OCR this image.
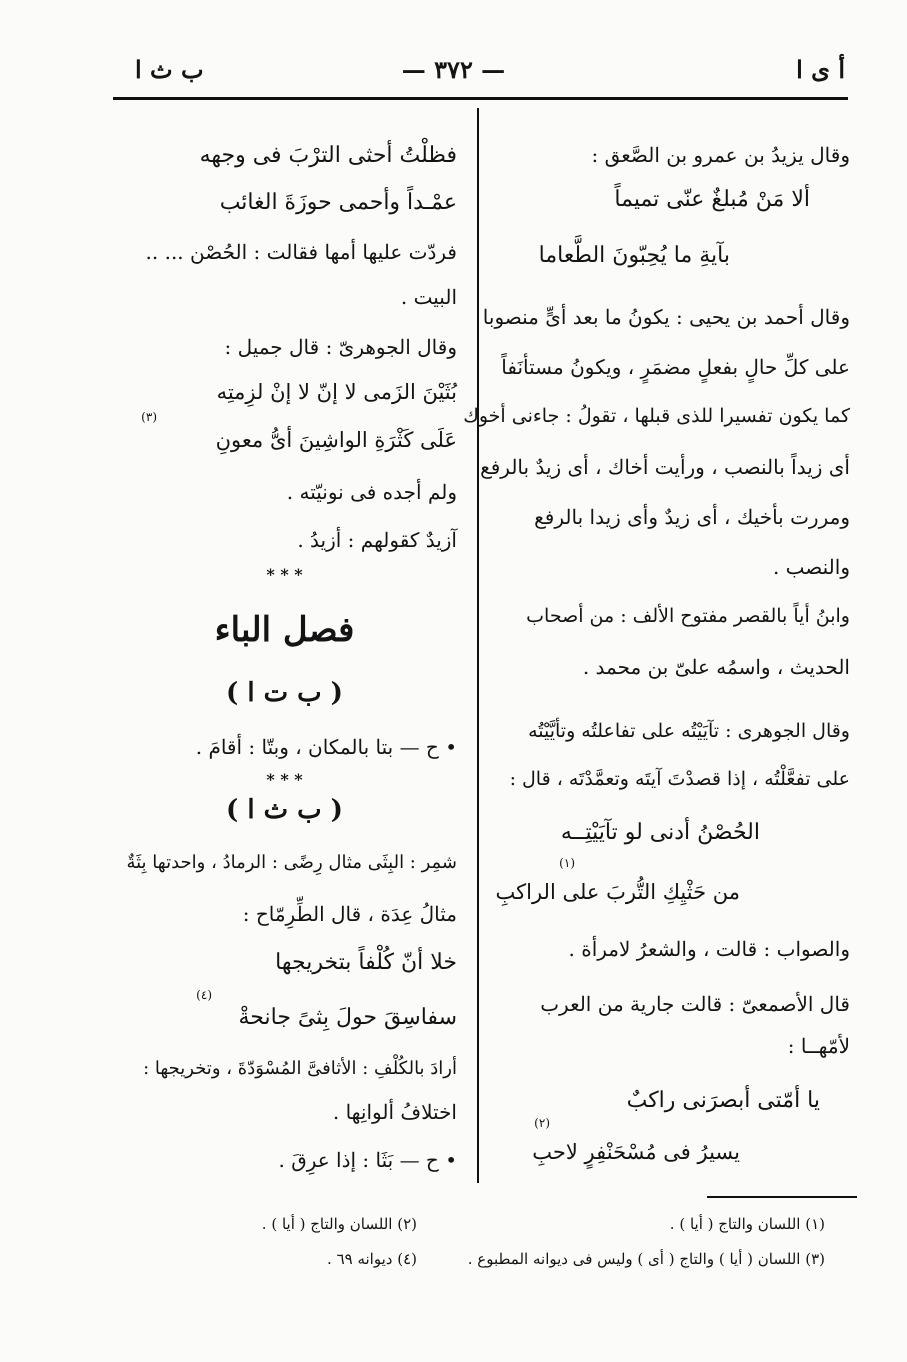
أ ى ا
— ٣٧٢ —
ب ث ا
وقال يزيدُ بن عمرو بن الصَّعق :
ألا مَنْ مُبلغٌ عنّى تميماً
بآيةِ ما يُحِبّونَ الطَّعاما
وقال أحمد بن يحيى : يكونُ ما بعد أىٍّ منصوبا
على كلِّ حالٍ بفعلٍ مضمَرٍ ، ويكونُ مستأنَفاً
كما يكون تفسيرا للذى قبلها ، تقولُ : جاءنى أخوك
أى زيداً بالنصب ، ورأيت أخاك ، أى زيدٌ بالرفع
ومررت بأخيك ، أى زيدٌ وأى زيدا بالرفع
والنصب .
وابنُ أياً بالقصر مفتوح الألف : من أصحاب
الحديث ، واسمُه علىّ بن محمد .
وقال الجوهرى : تآيَيْتُه على تفاعلتُه وتأيَّيْتُه
على تفعَّلْتُه ، إذا قصدْتَ آيتَه وتعمَّدْتَه ، قال :
الحُصْنُ أدنى لو تآيَيْتِــه
(١)
من حَثْيِكِ التُّربَ على الراكبِ
والصواب : قالت ، والشعرُ لامرأة .
قال الأصمعىّ : قالت جارية من العرب
لأمّهــا :
يا أمّتى أبصرَنى راكبٌ
(٢)
يسيرُ فى مُسْحَنْفِرٍ لاحبِ
فظلْتُ أحثى الترْبَ فى وجهه
عمْـداً وأحمى حوزَةَ الغائب
فردّت عليها أمها فقالت : الحُصْن ... ..
البيت .
وقال الجوهرىّ : قال جميل :
بُثَيْنَ الزَمى لا إنّ لا إنْ لزِمتِه
(٣)
عَلَى كَثْرَةِ الواشِينَ أىُّ معونِ
ولم أجده فى نونيّته .
آزيدٌ كقولهم : أزيدُ .
* * *
فصل الباء
( ب ت ا )
• ح — بتا بالمكان ، وبتّا : أقامَ .
* * *
( ب ث ا )
شمِر : البِثَى مثال رِضًى : الرمادُ ، واحدتها بِثَةٌ
مثالُ عِدَة ، قال الطِّرِمّاح :
خلا أنّ كُلْفاً بتخريجها
(٤)
سفاسِقَ حولَ بِثىً جانحةْ
أرادَ بالكُلْفِ : الأثافىَّ المُسْوَدّةَ ، وتخريجها :
اختلافُ ألوانِها .
• ح — بَثَا : إذا عرِقَ .
(١) اللسان والتاج ( أيا ) .
(٣) اللسان ( أيا ) والتاج ( أى ) وليس فى ديوانه المطبوع .
(٢) اللسان والتاج ( أيا ) .
(٤) ديوانه ٦٩ .
